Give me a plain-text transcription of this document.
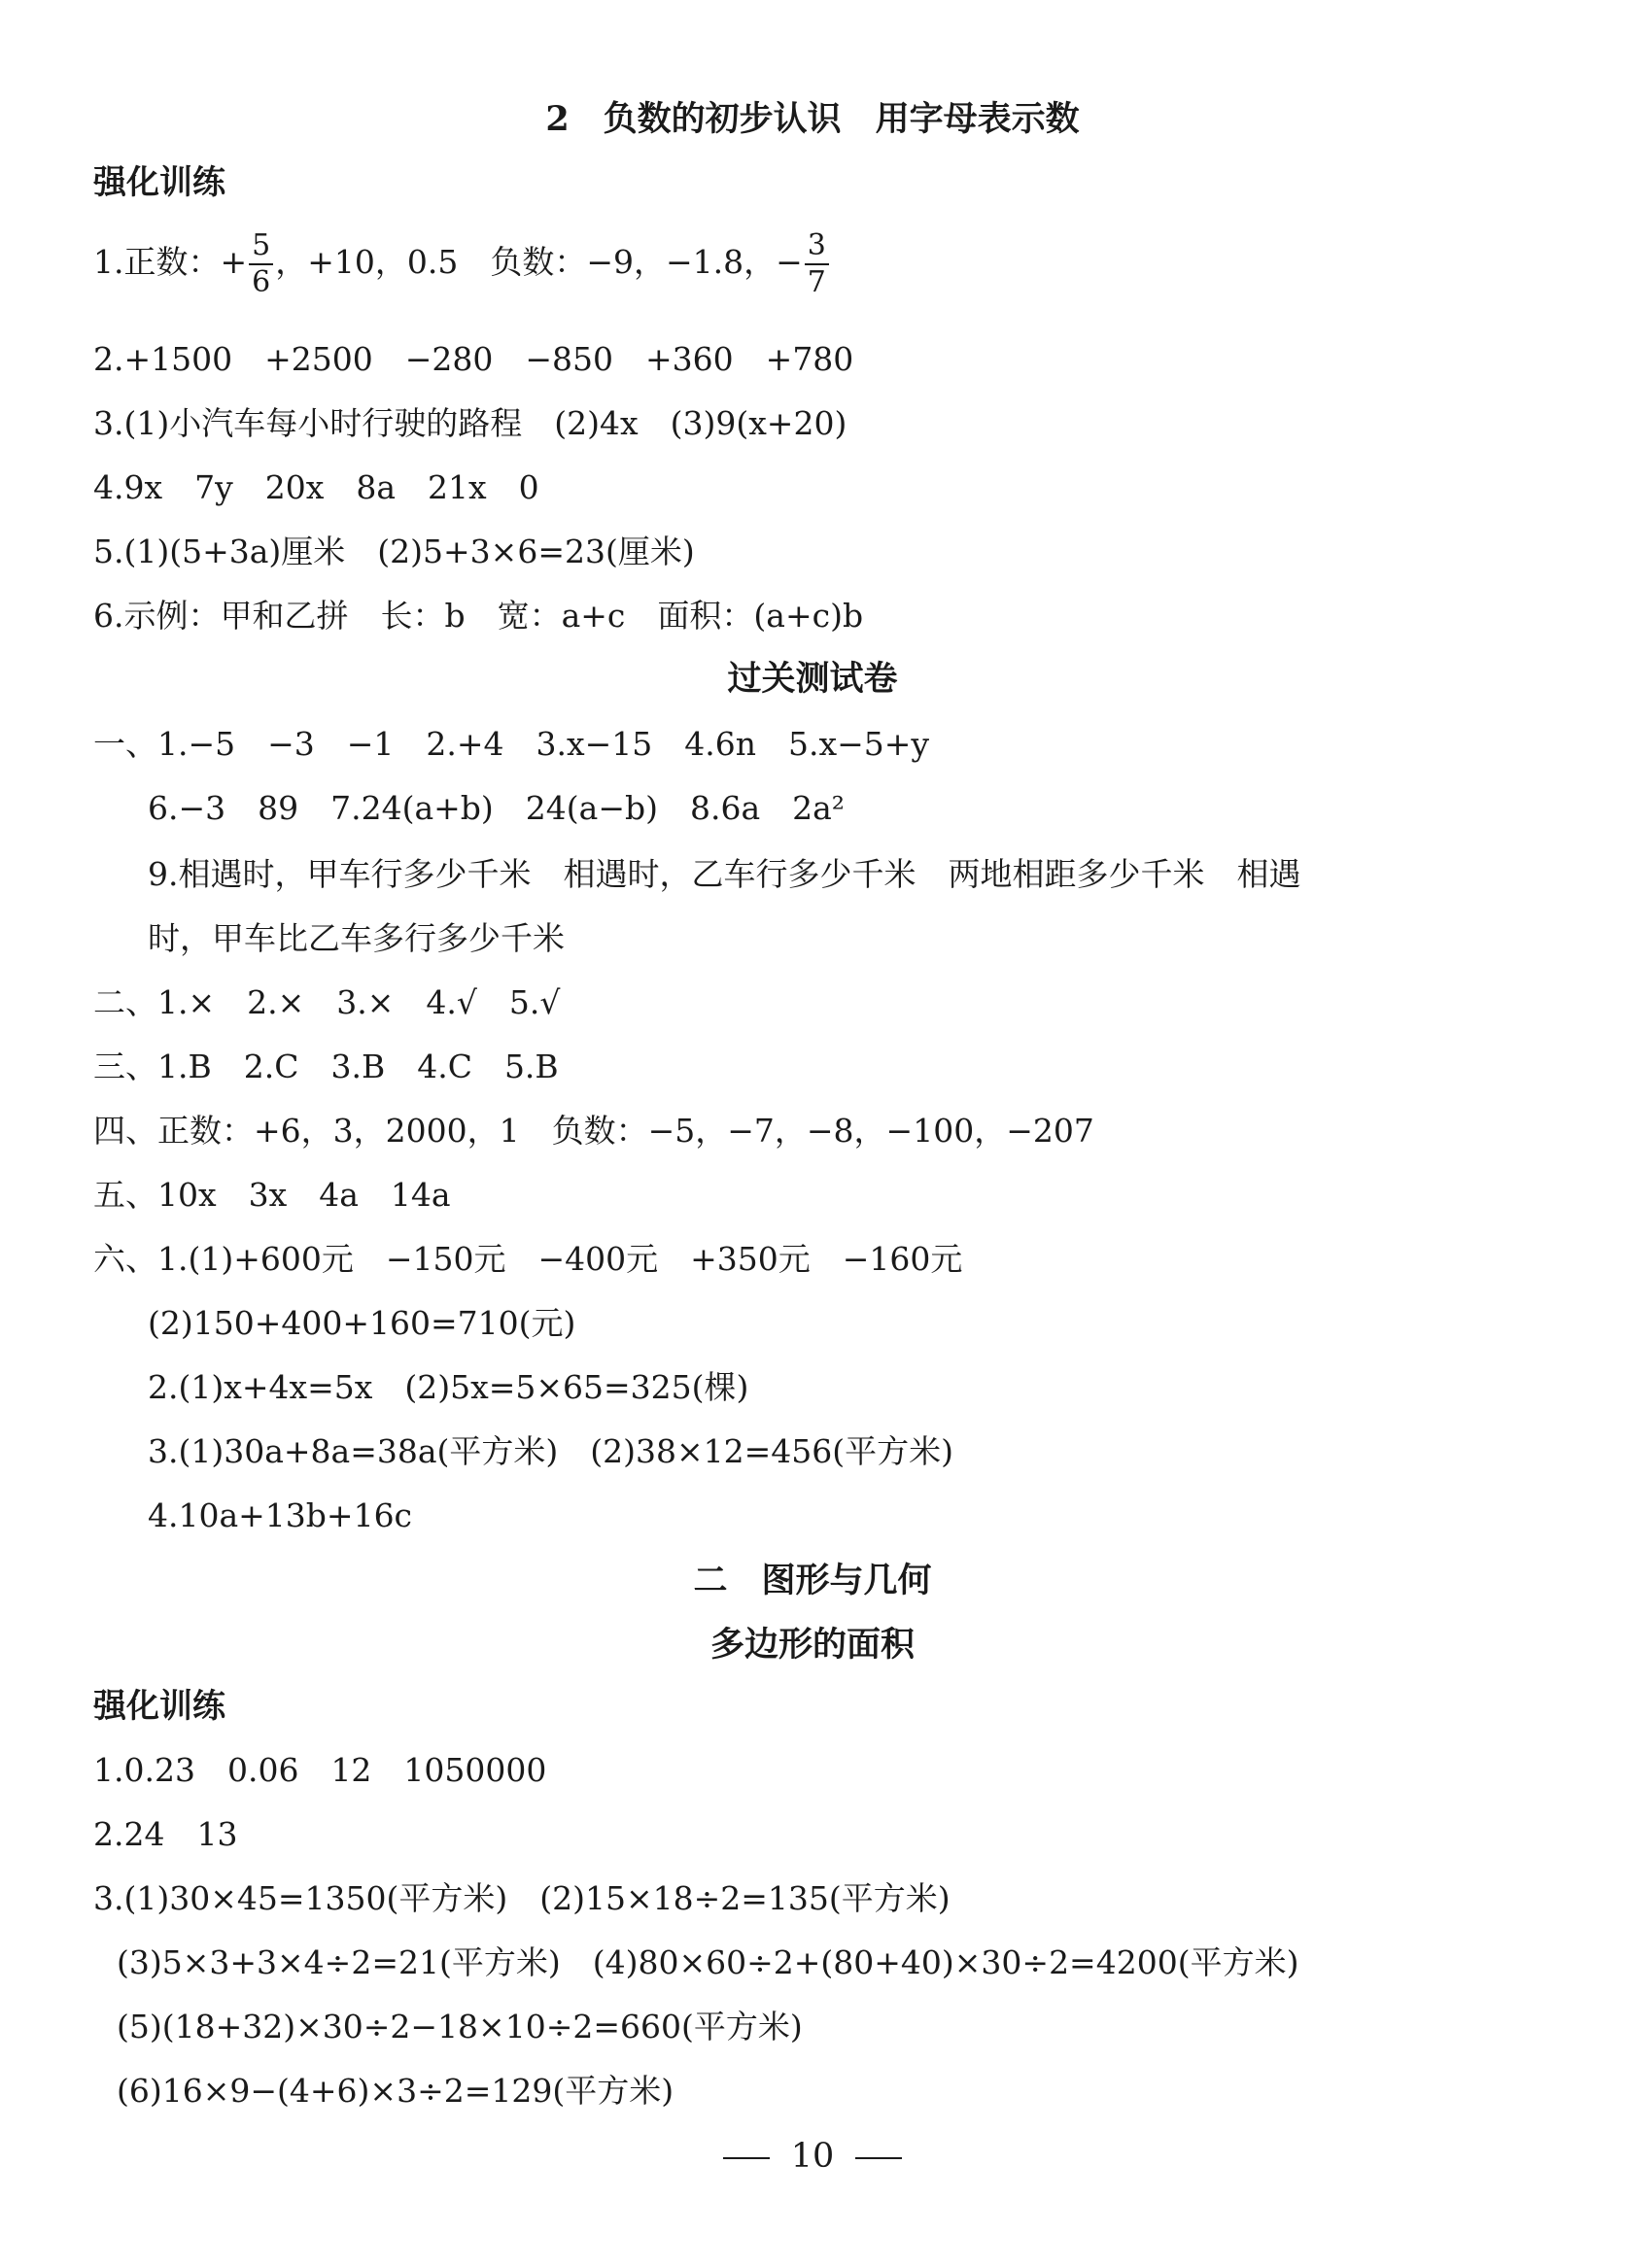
2　负数的初步认识　用字母表示数
强化训练
1.正数：+ $\frac{5}{6}$ ，+10，0.5　负数：−9，−1.8，− $\frac{3}{7}$
2.+1500　+2500　−280　−850　+360　+780
3.(1)小汽车每小时行驶的路程　(2)4x　(3)9(x+20)
4.9x　7y　20x　8a　21x　0
5.(1)(5+3a)厘米　(2)5+3×6=23(厘米)
6.示例：甲和乙拼　长：b　宽：a+c　面积：(a+c)b
过关测试卷
一、1.−5　−3　−1　2.+4　3.x−15　4.6n　5.x−5+y
6.−3　89　7.24(a+b)　24(a−b)　8.6a　2a²
9.相遇时，甲车行多少千米　相遇时，乙车行多少千米　两地相距多少千米　相遇
时，甲车比乙车多行多少千米
二、1.×　2.×　3.×　4.√　5.√
三、1.B　2.C　3.B　4.C　5.B
四、正数：+6，3，2000，1　负数：−5，−7，−8，−100，−207
五、10x　3x　4a　14a
六、1.(1)+600元　−150元　−400元　+350元　−160元
(2)150+400+160=710(元)
2.(1)x+4x=5x　(2)5x=5×65=325(棵)
3.(1)30a+8a=38a(平方米)　(2)38×12=456(平方米)
4.10a+13b+16c
二　图形与几何
多边形的面积
强化训练
1.0.23　0.06　12　1050000
2.24　13
3.(1)30×45=1350(平方米)　(2)15×18÷2=135(平方米)
(3)5×3+3×4÷2=21(平方米)　(4)80×60÷2+(80+40)×30÷2=4200(平方米)
(5)(18+32)×30÷2−18×10÷2=660(平方米)
(6)16×9−(4+6)×3÷2=129(平方米)
10
